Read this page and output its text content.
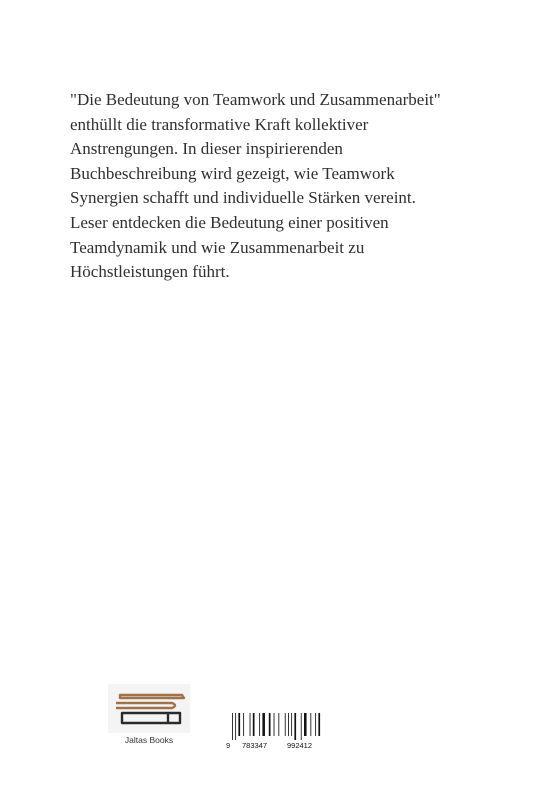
"Die Bedeutung von Teamwork und Zusammenarbeit"
enthüllt die transformative Kraft kollektiver
Anstrengungen. In dieser inspirierenden
Buchbeschreibung wird gezeigt, wie Teamwork
Synergien schafft und individuelle Stärken vereint.
Leser entdecken die Bedeutung einer positiven
Teamdynamik und wie Zusammenarbeit zu
Höchstleistungen führt.

Jaltas Books
9 783347	992412
